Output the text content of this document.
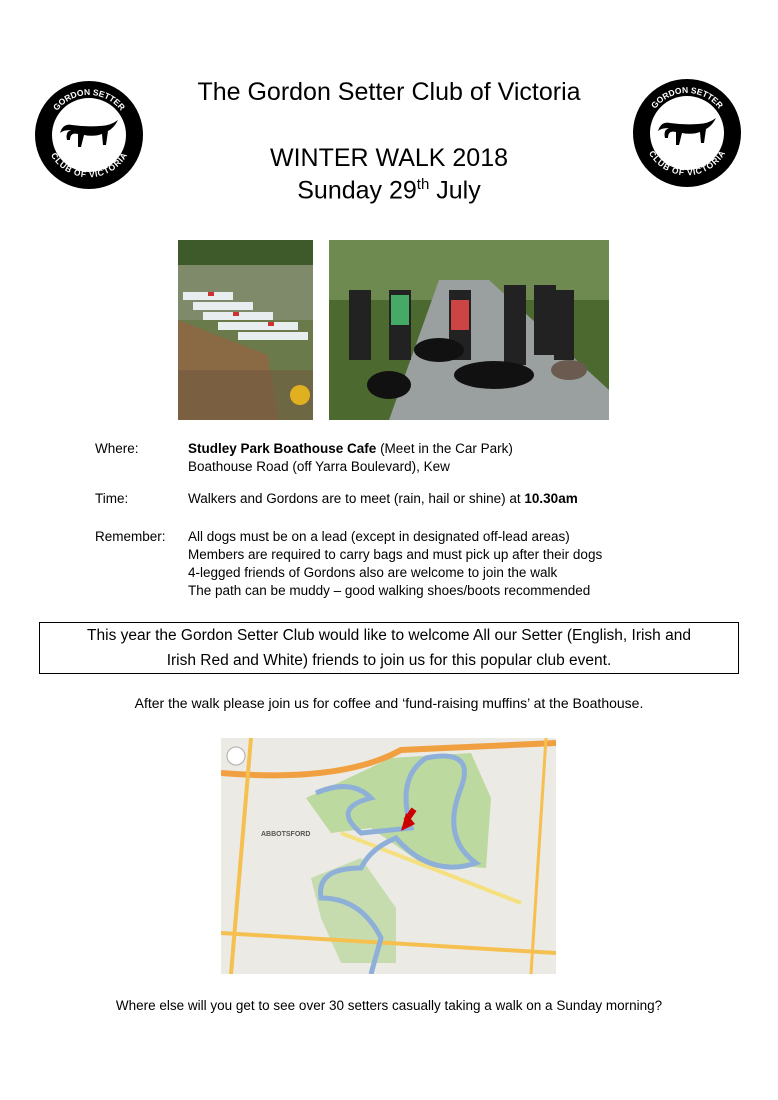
GORDON SETTER
CLUB OF VICTORIA
GORDON SETTER
CLUB OF VICTORIA
The Gordon Setter Club of Victoria
WINTER WALK 2018
Sunday 29th July
Where:	Studley Park Boathouse Cafe (Meet in the Car Park)
Boathouse Road (off Yarra Boulevard), Kew
Time:	Walkers and Gordons are to meet (rain, hail or shine) at 10.30am
Remember: All dogs must be on a lead (except in designated off-lead areas)
Members are required to carry bags and must pick up after their dogs
4-legged friends of Gordons also are welcome to join the walk
The path can be muddy – good walking shoes/boots recommended
This year the Gordon Setter Club would like to welcome All our Setter (English, Irish and
Irish Red and White) friends to join us for this popular club event.
After the walk please join us for coffee and ‘fund-raising muffins’ at the Boathouse.
ABBOTSFORD
Where else will you get to see over 30 setters casually taking a walk on a Sunday morning?
